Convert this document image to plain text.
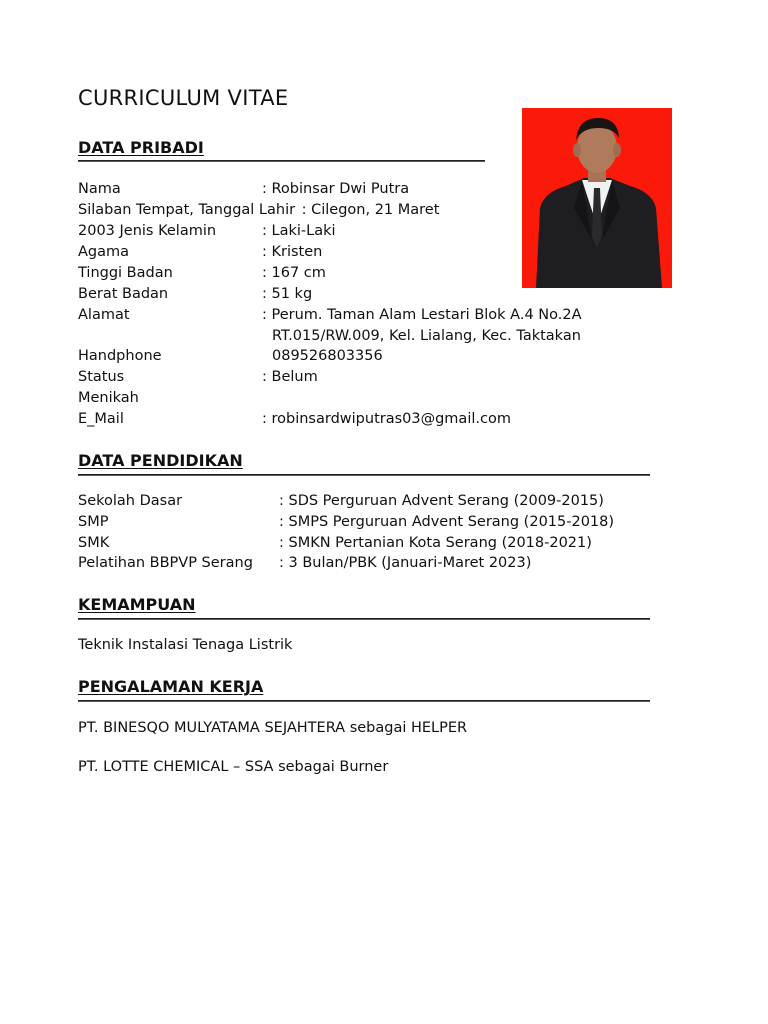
CURRICULUM VITAE
DATA PRIBADI
Nama	: Robinsar Dwi Putra
Silaban Tempat, Tanggal Lahir : Cilegon, 21 Maret
2003 Jenis Kelamin	: Laki-Laki
Agama	: Kristen
Tinggi Badan	: 167 cm
Berat Badan	: 51 kg
Alamat	: Perum. Taman Alam Lestari Blok A.4 No.2A
RT.015/RW.009, Kel. Lialang, Kec. Taktakan
Handphone	089526803356
Status	: Belum
Menikah
E_Mail	: robinsardwiputras03@gmail.com
DATA PENDIDIKAN
Sekolah Dasar	: SDS Perguruan Advent Serang (2009-2015)
SMP	: SMPS Perguruan Advent Serang (2015-2018)
SMK	: SMKN Pertanian Kota Serang (2018-2021)
Pelatihan BBPVP Serang : 3 Bulan/PBK (Januari-Maret 2023)
KEMAMPUAN
Teknik Instalasi Tenaga Listrik
PENGALAMAN KERJA
PT. BINESQO MULYATAMA SEJAHTERA sebagai HELPER
PT. LOTTE CHEMICAL – SSA sebagai Burner
